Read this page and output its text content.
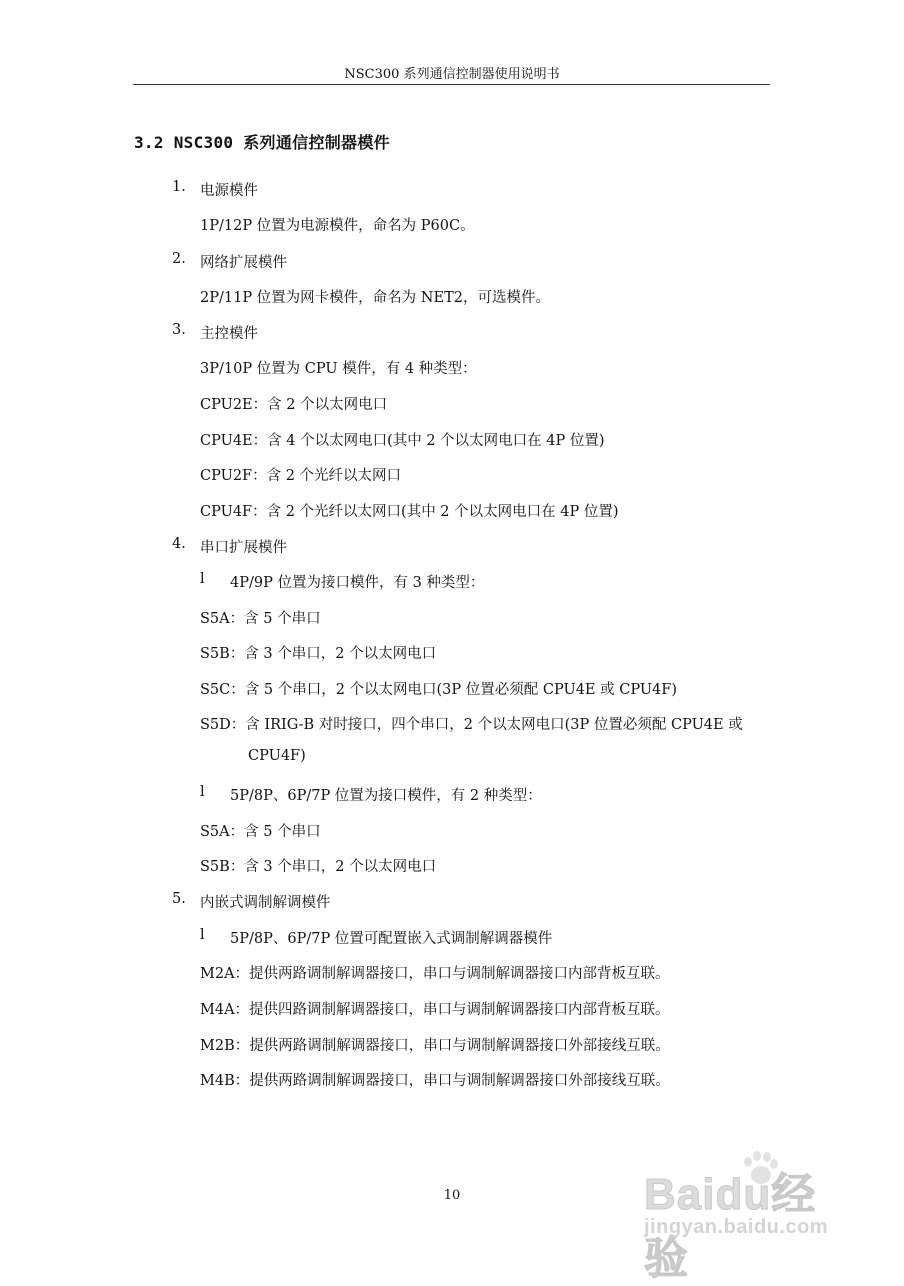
NSC300 系列通信控制器使用说明书
3.2 NSC300 系列通信控制器模件
1. 电源模件
1P/12P 位置为电源模件，命名为 P60C。
2. 网络扩展模件
2P/11P 位置为网卡模件，命名为 NET2，可选模件。
3. 主控模件
3P/10P 位置为 CPU 模件，有 4 种类型：
CPU2E：含 2 个以太网电口
CPU4E：含 4 个以太网电口(其中 2 个以太网电口在 4P 位置)
CPU2F：含 2 个光纤以太网口
CPU4F：含 2 个光纤以太网口(其中 2 个以太网电口在 4P 位置)
4. 串口扩展模件
l 4P/9P 位置为接口模件，有 3 种类型：
S5A：含 5 个串口
S5B：含 3 个串口，2 个以太网电口
S5C：含 5 个串口，2 个以太网电口(3P 位置必须配 CPU4E 或 CPU4F)
S5D：含 IRIG-B 对时接口，四个串口，2 个以太网电口(3P 位置必须配 CPU4E 或
CPU4F)
l 5P/8P、6P/7P 位置为接口模件，有 2 种类型：
S5A：含 5 个串口
S5B：含 3 个串口，2 个以太网电口
5. 内嵌式调制解调模件
l 5P/8P、6P/7P 位置可配置嵌入式调制解调器模件
M2A：提供两路调制解调器接口，串口与调制解调器接口内部背板互联。
M4A：提供四路调制解调器接口，串口与调制解调器接口内部背板互联。
M2B：提供两路调制解调器接口，串口与调制解调器接口外部接线互联。
M4B：提供两路调制解调器接口，串口与调制解调器接口外部接线互联。
10	Baidu经验
jingyan.baidu.com
